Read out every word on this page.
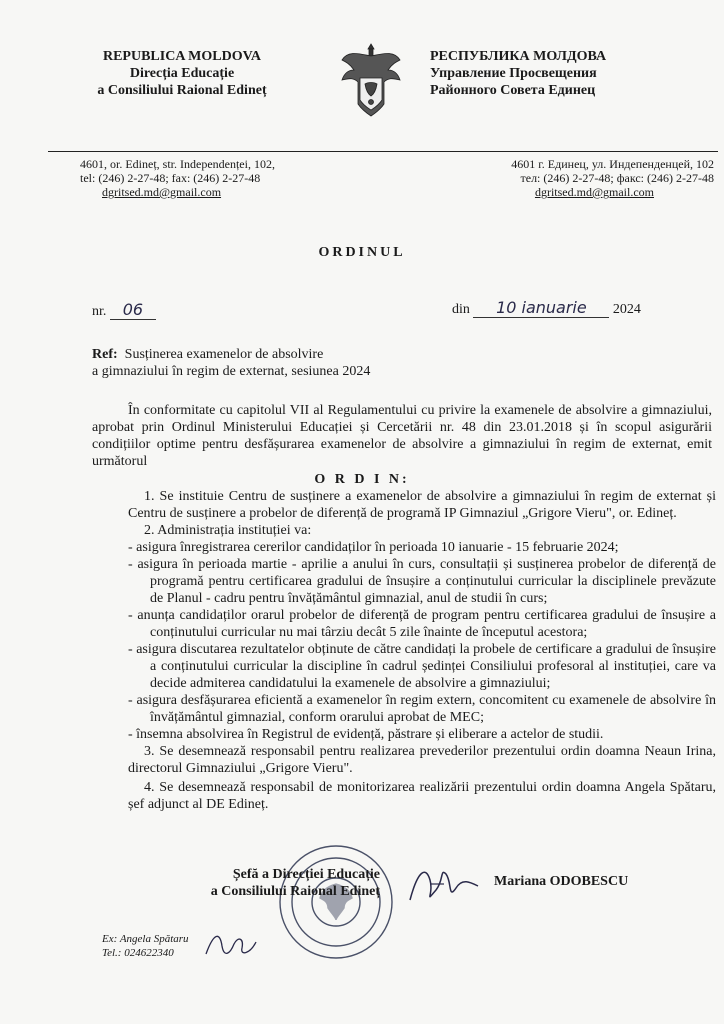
REPUBLICA MOLDOVA
Direcția Educație
a Consiliului Raional Edineț
РЕСПУБЛИКА МОЛДОВА
Управление Просвещения
Районного Совета Единец
4601, or. Edineț, str. Independenței, 102,
tel: (246) 2-27-48; fax: (246) 2-27-48
dgritsed.md@gmail.com
4601 г. Единец, ул. Индепенденцей, 102
тел: (246) 2-27-48; факс: (246) 2-27-48
dgritsed.md@gmail.com
ORDINUL
nr. 06	din 10 ianuarie 2024
Ref: Susținerea examenelor de absolvire
a gimnaziului în regim de externat, sesiunea 2024
În conformitate cu capitolul VII al Regulamentului cu privire la examenele de absolvire a gimnaziului, aprobat prin Ordinul Ministerului Educației și Cercetării nr. 48 din 23.01.2018 și în scopul asigurării condițiilor optime pentru desfășurarea examenelor de absolvire a gimnaziului în regim de externat, emit următorul
O R D I N:

1. Se instituie Centru de susținere a examenelor de absolvire a gimnaziului în regim de externat și Centru de susținere a probelor de diferență de programă IP Gimnaziul „Grigore Vieru", or. Edineț.

2. Administrația instituției va:

- asigura înregistrarea cererilor candidaților în perioada 10 ianuarie - 15 februarie 2024;

- asigura în perioada martie - aprilie a anului în curs, consultații și susținerea probelor de diferență de programă pentru certificarea gradului de însușire a conținutului curricular la disciplinele prevăzute de Planul - cadru pentru învățământul gimnazial, anul de studii în curs;

- anunța candidaților orarul probelor de diferență de program pentru certificarea gradului de însușire a conținutului curricular nu mai târziu decât 5 zile înainte de începutul acestora;

- asigura discutarea rezultatelor obținute de către candidați la probele de certificare a gradului de însușire a conținutului curricular la discipline în cadrul ședinței Consiliului profesoral al instituției, care va decide admiterea candidatului la examenele de absolvire a gimnaziului;

- asigura desfășurarea eficientă a examenelor în regim extern, concomitent cu examenele de absolvire în învățământul gimnazial, conform orarului aprobat de MEC;

- însemna absolvirea în Registrul de evidență, păstrare și eliberare a actelor de studii.

3. Se desemnează responsabil pentru realizarea prevederilor prezentului ordin doamna Neaun Irina, directorul Gimnaziului „Grigore Vieru".

4. Se desemnează responsabil de monitorizarea realizării prezentului ordin doamna Angela Spătaru, șef adjunct al DE Edineț.

Șefă a Direcției Educație
a Consiliului Raional Edineț
Mariana ODOBESCU
Ex: Angela Spătaru
Tel.: 024622340
